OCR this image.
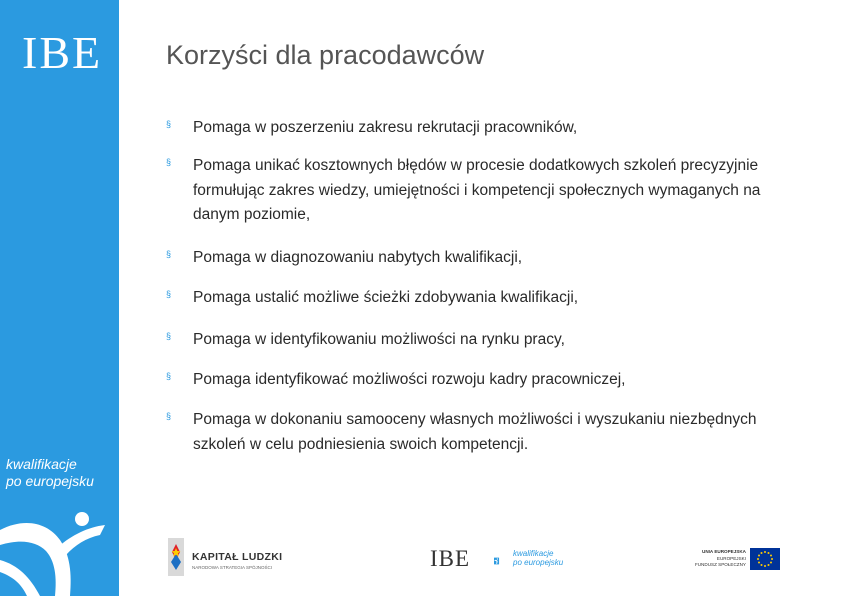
IBE
kwalifikacje
po europejsku
Korzyści dla pracodawców
§	Pomaga w poszerzeniu zakresu rekrutacji pracowników,
§	Pomaga unikać kosztownych błędów w procesie dodatkowych szkoleń precyzyjnie formułując zakres wiedzy, umiejętności i kompetencji społecznych wymaganych na danym poziomie,
§	Pomaga w diagnozowaniu nabytych kwalifikacji,
§	Pomaga ustalić możliwe ścieżki zdobywania kwalifikacji,
§	Pomaga w identyfikowaniu możliwości na rynku pracy,
§	Pomaga identyfikować możliwości rozwoju kadry pracowniczej,
§	Pomaga w dokonaniu samooceny własnych możliwości i wyszukaniu niezbędnych szkoleń w celu podniesienia swoich kompetencji.
KAPITAŁ LUDZKI
NARODOWA STRATEGIA SPÓJNOŚCI	IBE	kwalifikacje
po europejsku
UNIA EUROPEJSKA
EUROPEJSKI
FUNDUSZ SPOŁECZNY
